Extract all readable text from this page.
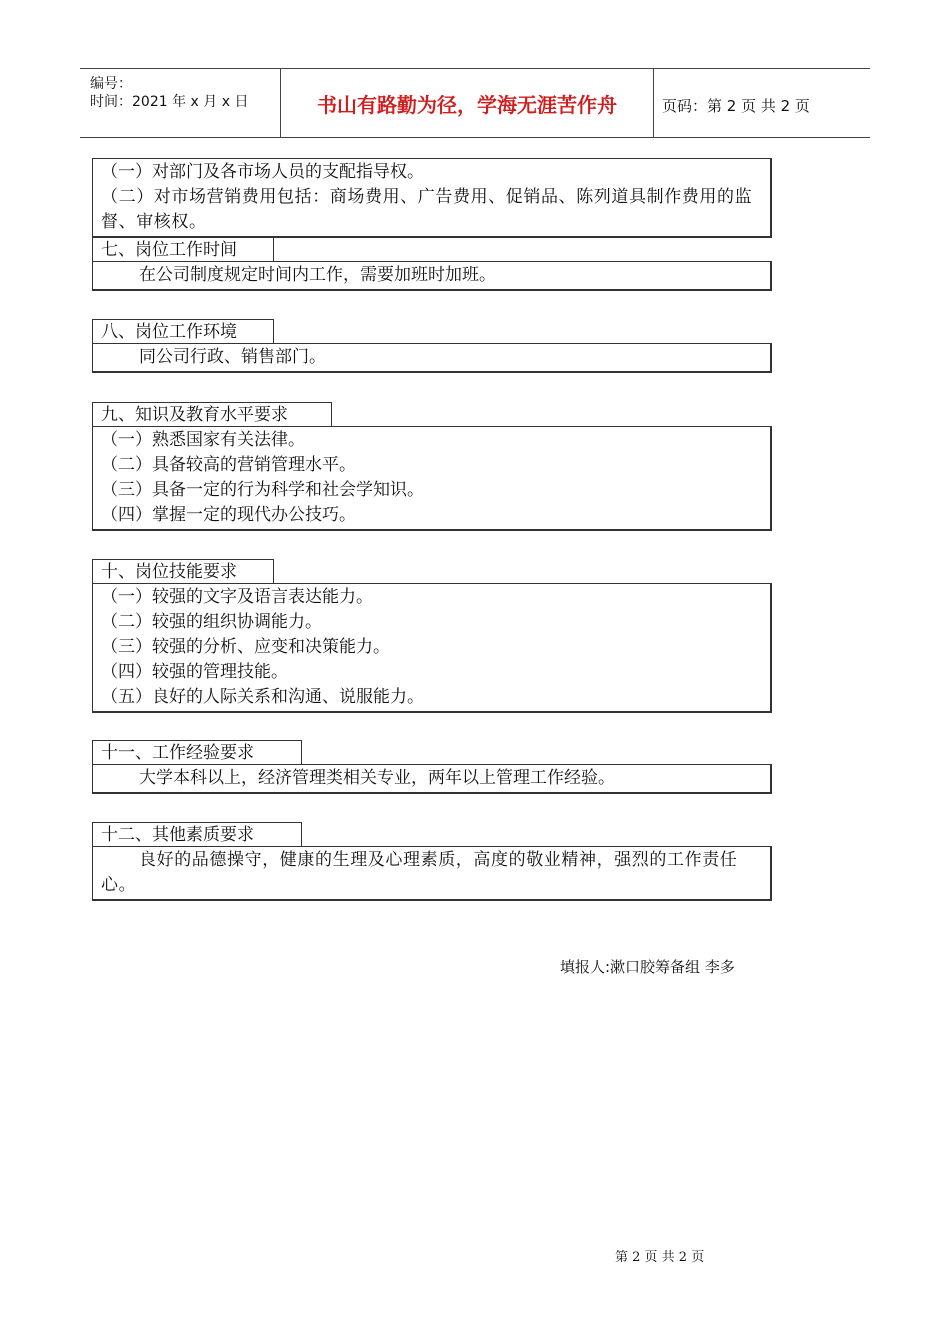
编号：
时间：2021 年 x 月 x 日	书山有路勤为径，学海无涯苦作舟	页码：第 2 页 共 2 页
（一）对部门及各市场人员的支配指导权。
（二）对市场营销费用包括：商场费用、广告费用、促销品、陈列道具制作费用的监督、审核权。
七、岗位工作时间
在公司制度规定时间内工作，需要加班时加班。
八、岗位工作环境
同公司行政、销售部门。
九、知识及教育水平要求
（一）熟悉国家有关法律。
（二）具备较高的营销管理水平。
（三）具备一定的行为科学和社会学知识。
（四）掌握一定的现代办公技巧。
十、岗位技能要求
（一）较强的文字及语言表达能力。
（二）较强的组织协调能力。
（三）较强的分析、应变和决策能力。
（四）较强的管理技能。
（五）良好的人际关系和沟通、说服能力。
十一、工作经验要求
大学本科以上，经济管理类相关专业，两年以上管理工作经验。
十二、其他素质要求
良好的品德操守，健康的生理及心理素质，高度的敬业精神，强烈的工作责任心。
填报人:漱口胶筹备组 李多
第 2 页 共 2 页
